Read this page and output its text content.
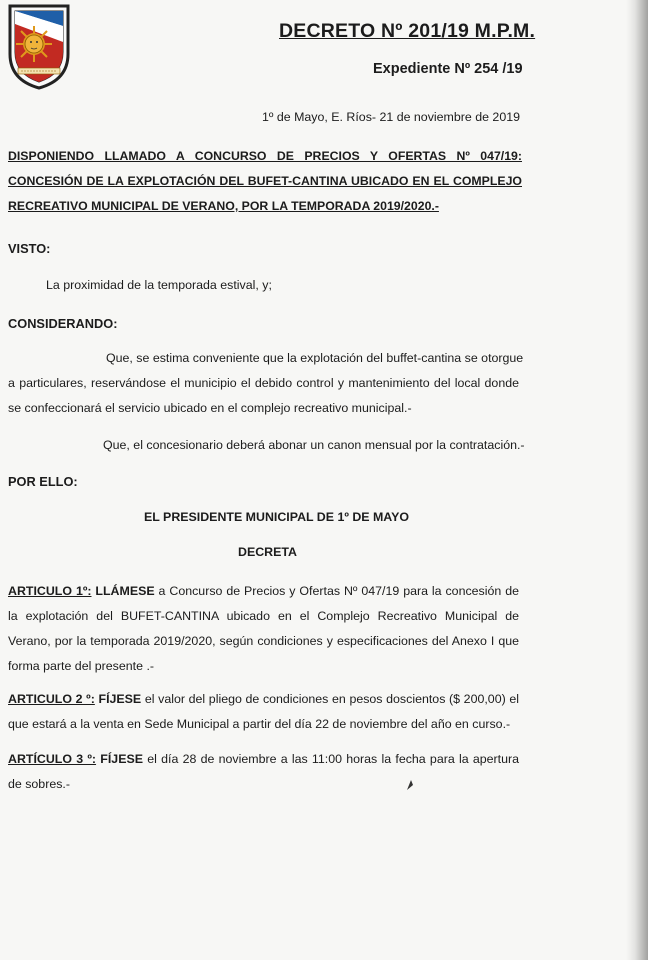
DECRETO Nº 201/19 M.P.M.
Expediente Nº 254 /19
1º de Mayo, E. Ríos- 21 de noviembre de 2019
DISPONIENDO LLAMADO A CONCURSO DE PRECIOS Y OFERTAS Nº 047/19: CONCESIÓN DE LA EXPLOTACIÓN DEL BUFET-CANTINA UBICADO EN EL COMPLEJO RECREATIVO MUNICIPAL DE VERANO, POR LA TEMPORADA 2019/2020.-
VISTO:
La proximidad de la temporada estival, y;
CONSIDERANDO:
Que, se estima conveniente que la explotación del buffet-cantina se otorgue
a particulares, reservándose el municipio el debido control y mantenimiento del local donde se confeccionará el servicio ubicado en el complejo recreativo municipal.-
Que, el concesionario deberá abonar un canon mensual por la contratación.-
POR ELLO:
EL PRESIDENTE MUNICIPAL DE 1º DE MAYO
DECRETA
ARTICULO 1º: LLÁMESE a Concurso de Precios y Ofertas Nº 047/19 para la concesión de la explotación del BUFET-CANTINA ubicado en el Complejo Recreativo Municipal de Verano, por la temporada 2019/2020, según condiciones y especificaciones del Anexo I que forma parte del presente .-
ARTICULO 2 º: FÍJESE el valor del pliego de condiciones en pesos doscientos ($ 200,00) el que estará a la venta en Sede Municipal a partir del día 22 de noviembre del año en curso.-
ARTÍCULO 3 º: FÍJESE el día 28 de noviembre a las 11:00 horas la fecha para la apertura de sobres.-
